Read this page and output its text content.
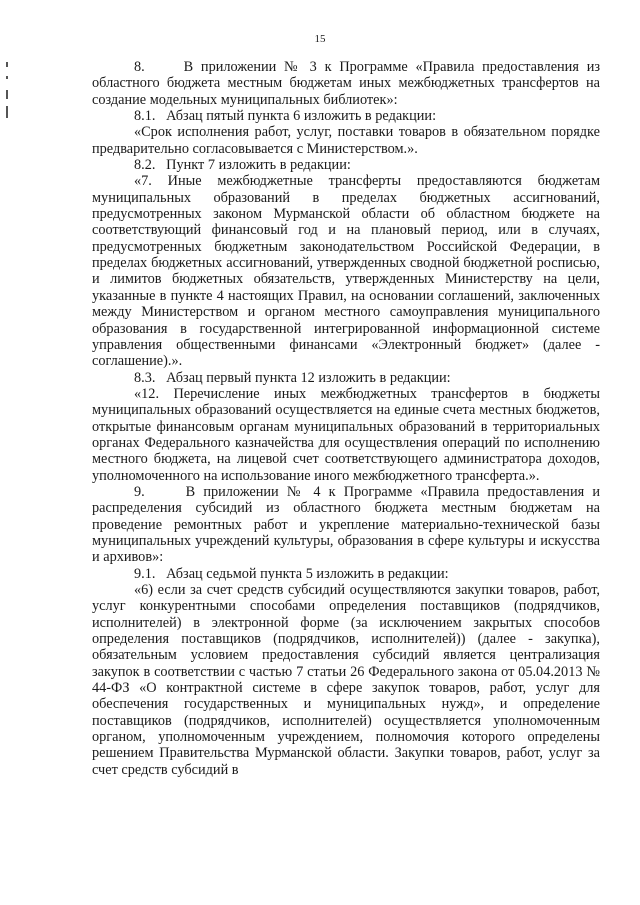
15

8.     В приложении № 3 к Программе «Правила предоставления из областного бюджета местным бюджетам иных межбюджетных трансфертов на создание модельных муниципальных библиотек»:

8.1.   Абзац пятый пункта 6 изложить в редакции:

«Срок исполнения работ, услуг, поставки товаров в обязательном порядке предварительно согласовывается с Министерством.».

8.2.   Пункт 7 изложить в редакции:

«7. Иные межбюджетные трансферты предоставляются бюджетам муниципальных образований в пределах бюджетных ассигнований, предусмотренных законом Мурманской области об областном бюджете на соответствующий финансовый год и на плановый период, или в случаях, предусмотренных бюджетным законодательством Российской Федерации, в пределах бюджетных ассигнований, утвержденных сводной бюджетной росписью, и лимитов бюджетных обязательств, утвержденных Министерству на цели, указанные в пункте 4 настоящих Правил, на основании соглашений, заключенных между Министерством и органом местного самоуправления муниципального образования в государственной интегрированной информационной системе управления общественными финансами «Электронный бюджет» (далее - соглашение).».

8.3.   Абзац первый пункта 12 изложить в редакции:

«12. Перечисление иных межбюджетных трансфертов в бюджеты муниципальных образований осуществляется на единые счета местных бюджетов, открытые финансовым органам муниципальных образований в территориальных органах Федерального казначейства для осуществления операций по исполнению местного бюджета, на лицевой счет соответствующего администратора доходов, уполномоченного на использование иного межбюджетного трансферта.».

9.     В приложении № 4 к Программе «Правила предоставления и распределения субсидий из областного бюджета местным бюджетам на проведение ремонтных работ и укрепление материально-технической базы муниципальных учреждений культуры, образования в сфере культуры и искусства и архивов»:

9.1.   Абзац седьмой пункта 5 изложить в редакции:

«6) если за счет средств субсидий осуществляются закупки товаров, работ, услуг конкурентными способами определения поставщиков (подрядчиков, исполнителей) в электронной форме (за исключением закрытых способов определения поставщиков (подрядчиков, исполнителей)) (далее - закупка), обязательным условием предоставления субсидий является централизация закупок в соответствии с частью 7 статьи 26 Федерального закона от 05.04.2013 № 44-ФЗ «О контрактной системе в сфере закупок товаров, работ, услуг для обеспечения государственных и муниципальных нужд», и определение поставщиков (подрядчиков, исполнителей) осуществляется уполномоченным органом, уполномоченным учреждением, полномочия которого определены решением Правительства Мурманской области. Закупки товаров, работ, услуг за счет средств субсидий в
